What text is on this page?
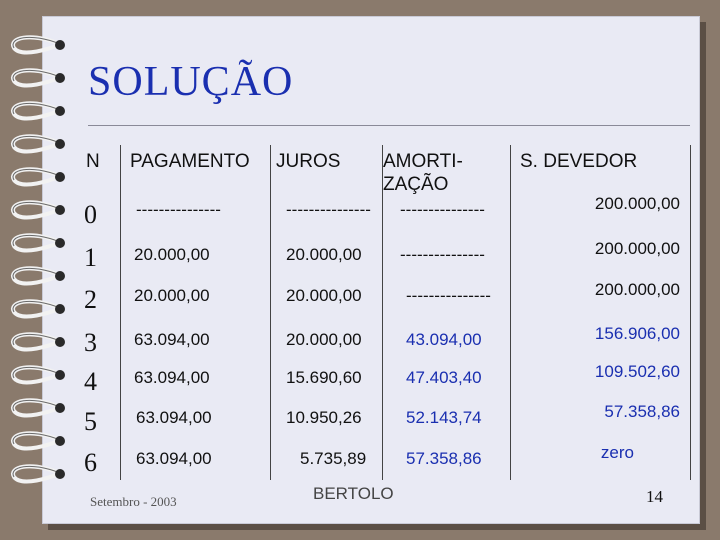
SOLUÇÃO
N PAGAMENTO JUROS AMORTI-
ZAÇÃO
S. DEVEDOR
0 ---------------	--------------- ---------------	200.000,00
1 20.000,00	20.000,00 ---------------	200.000,00
2 20.000,00	20.000,00	---------------	200.000,00
3 63.094,00	20.000,00	43.094,00	156.906,00
4 63.094,00	15.690,60	47.403,40	109.502,60
5 63.094,00	10.950,26	52.143,74	57.358,86
6 63.094,00	5.735,89 57.358,86	zero
Setembro - 2003	BERTOLO	14
